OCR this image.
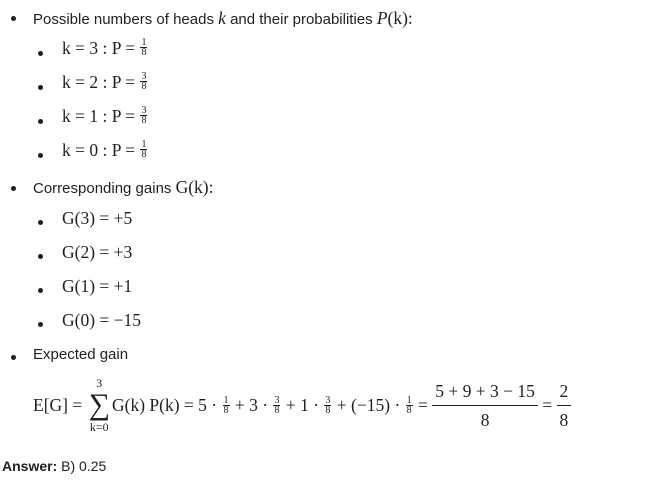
Possible numbers of heads k and their probabilities P(k):
k = 3 : $P = \frac{1}{8}$
k = 2 : $P = \frac{3}{8}$
k = 1 : $P = \frac{3}{8}$
k = 0 : $P = \frac{1}{8}$
Corresponding gains G(k):
G(3) = +5
G(2) = +3
G(1) = +1
G(0) = −15
Expected gain
E[G] =
3
∑
k=0
G(k) $P(k) = 5 \cdot \frac{1}{8} + 3 \cdot \frac{3}{8} + 1 \cdot \frac{3}{8} + (-15) \cdot \frac{1}{8} = \frac{5 + 9 + 3 - 15}{8} = \frac{2}{8}$
Answer: B) 0.25
